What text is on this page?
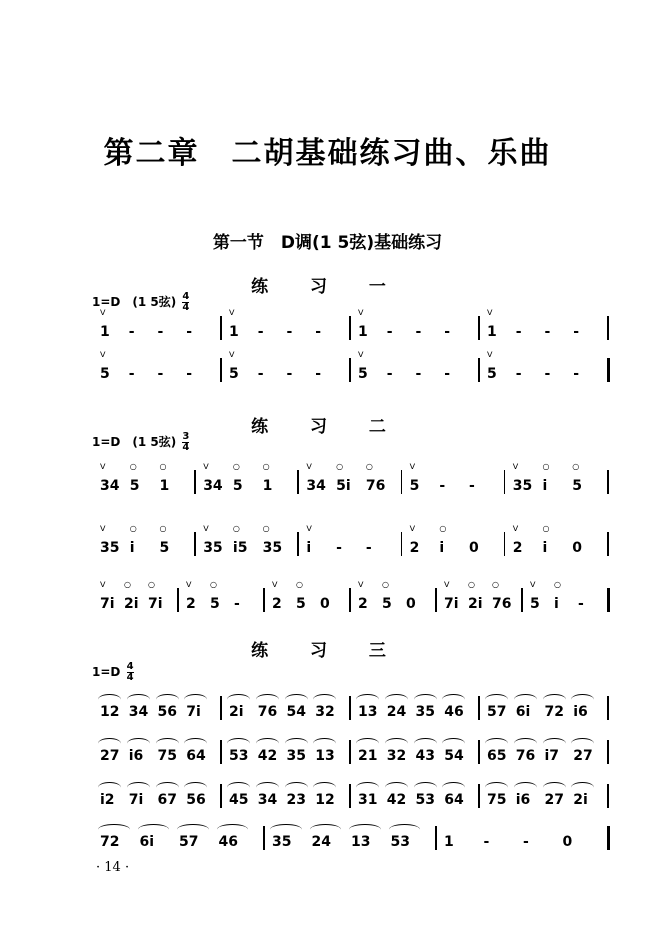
第二章　二胡基础练习曲、乐曲
第一节　D调(1 5弦)基础练习
练 习 一
1=D　(1 5弦) $\frac{4}{4}$
1
ᐯ
- - -	1
ᐯ
- - -	1
ᐯ
- - -	1
ᐯ
- - -
5
ᐯ
- - -	5
ᐯ
- - -	5
ᐯ
- - -	5
ᐯ
- - -
练 习 二
1=D　(1 5弦) $\frac{3}{4}$
34
ᐯ
5
○
1
○
34
ᐯ
5
○
1
○
34
ᐯ
5i
○
76
○
5
ᐯ
- -	35
ᐯ
i
○
5
○
35
ᐯ
i
○
5
○
35
ᐯ
i5
○
35
○
i
ᐯ
- -	2
ᐯ
i
○
0 2
ᐯ
i
○
0
7i
ᐯ
2i
○
7i
○
2
ᐯ
5
○
- 2
ᐯ
5
○
0 2
ᐯ
5
○
0 7i
ᐯ
2i
○
76
○
5
ᐯ
i
○
-
练 习 三
$1=D \frac{4}{4}$
12 34 56 7i 2i 76 54 32 13 24 35 46 57 6i 72 i6
27 i6 75 64 53 42 35 13 21 32 43 54 65 76 i7 27
i2 7i 67 56 45 34 23 12 31 42 53 64 75 i6 27 2i
72 6i 57 46 35 24 13 53 1 - - 0
· 14 ·
